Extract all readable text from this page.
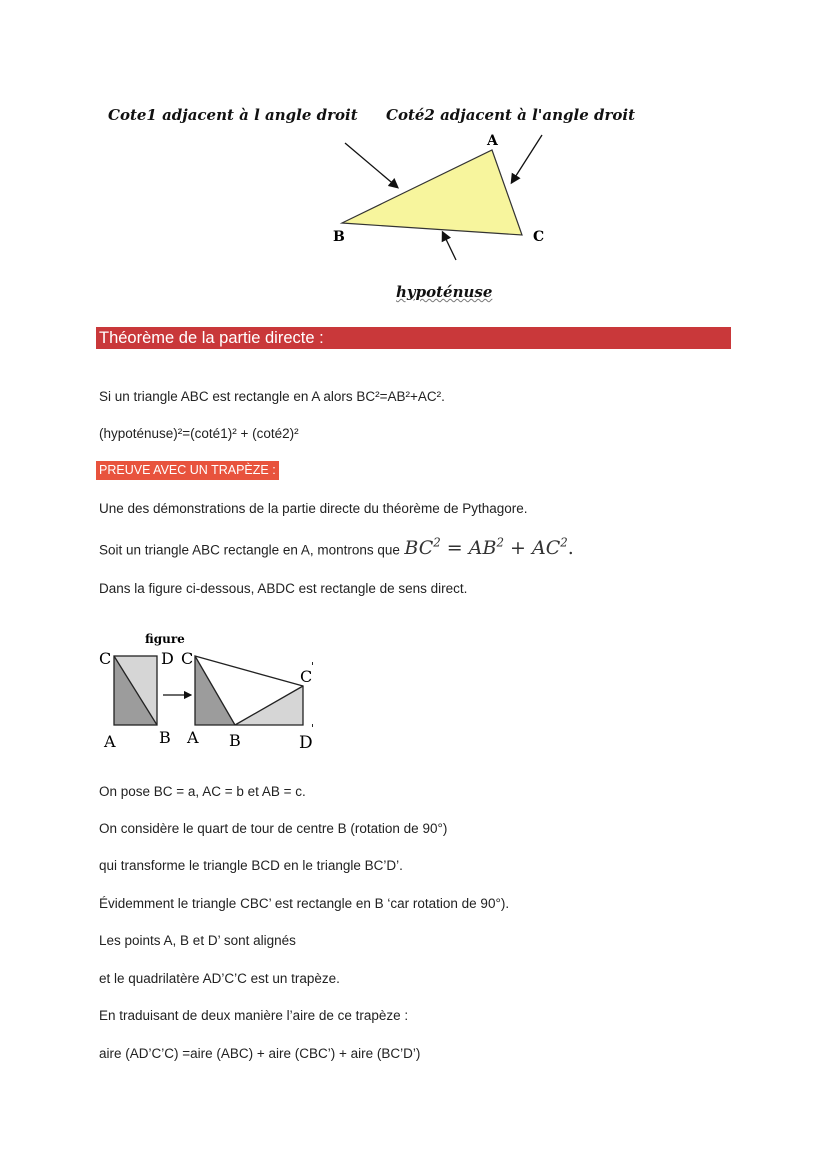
Cote1 adjacent à l angle droit Coté2 adjacent à l'angle droit
A
B	C
hypoténuse
Théorème de la partie directe :
Si un triangle ABC est rectangle en A alors BC²=AB²+AC².
(hypoténuse)²=(coté1)² + (coté2)²
PREUVE AVEC UN TRAPÈZE :
Une des démonstrations de la partie directe du théorème de Pythagore.
Soit un triangle ABC rectangle en A, montrons que $BC^2 = AB^2 + AC^2$.
Dans la figure ci-dessous, ABDC est rectangle de sens direct.
figure
C	D C
C
'
A	B A B	D
'
On pose BC = a, AC = b et AB = c.
On considère le quart de tour de centre B (rotation de 90°)
qui transforme le triangle BCD en le triangle BC’D’.
Évidemment le triangle CBC’ est rectangle en B ‘car rotation de 90°).
Les points A, B et D’ sont alignés
et le quadrilatère AD’C’C est un trapèze.
En traduisant de deux manière l’aire de ce trapèze :
aire (AD’C’C) =aire (ABC) + aire (CBC’) + aire (BC’D’)
